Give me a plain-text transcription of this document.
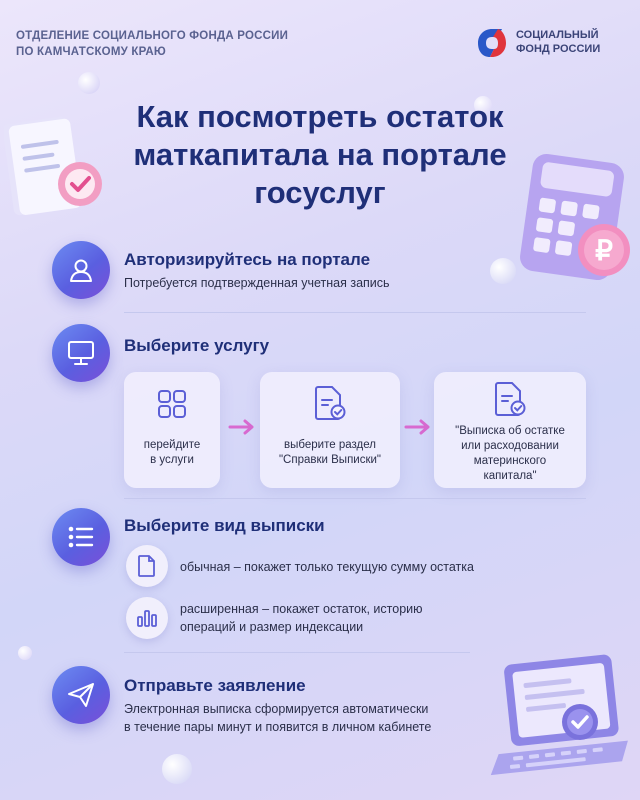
ОТДЕЛЕНИЕ СОЦИАЛЬНОГО ФОНДА РОССИИ
ПО КАМЧАТСКОМУ КРАЮ
СОЦИАЛЬНЫЙ
ФОНД РОССИИ
Как посмотреть остаток
маткапитала на портале
госуслуг
₽
Авторизируйтесь на портале
Потребуется подтвержденная учетная запись
Выберите услугу
перейдите
в услуги
выберите раздел
"Справки Выписки"
"Выписка об остатке
или расходовании
материнского
капитала"
Выберите вид выписки
обычная – покажет только текущую сумму остатка
расширенная – покажет остаток, историю
операций и размер индексации
Отправьте заявление
Электронная выписка сформируется автоматически
в течение пары минут и появится в личном кабинете
